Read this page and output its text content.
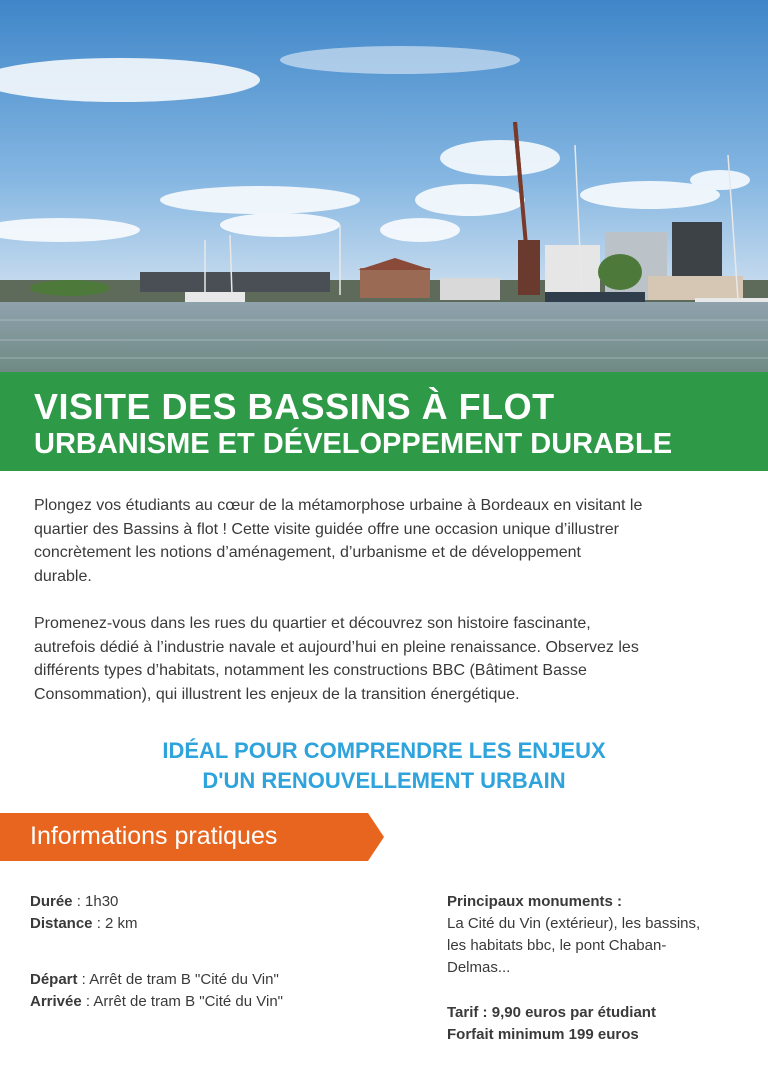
VISITE DES BASSINS À FLOT
URBANISME ET DÉVELOPPEMENT DURABLE
Plongez vos étudiants au cœur de la métamorphose urbaine à Bordeaux en visitant le
quartier des Bassins à flot ! Cette visite guidée offre une occasion unique d’illustrer
concrètement les notions d’aménagement, d’urbanisme et de développement
durable.
Promenez-vous dans les rues du quartier et découvrez son histoire fascinante,
autrefois dédié à l’industrie navale et aujourd’hui en pleine renaissance. Observez les
différents types d’habitats, notamment les constructions BBC (Bâtiment Basse
Consommation), qui illustrent les enjeux de la transition énergétique.
IDÉAL POUR COMPRENDRE LES ENJEUX
D'UN RENOUVELLEMENT URBAIN
Informations pratiques
Durée : 1h30
Distance : 2 km
Départ : Arrêt de tram B "Cité du Vin"
Arrivée : Arrêt de tram B "Cité du Vin"
Principaux monuments :
La Cité du Vin (extérieur), les bassins,
les habitats bbc, le pont Chaban-
Delmas...
Tarif : 9,90 euros par étudiant
Forfait minimum 199 euros
